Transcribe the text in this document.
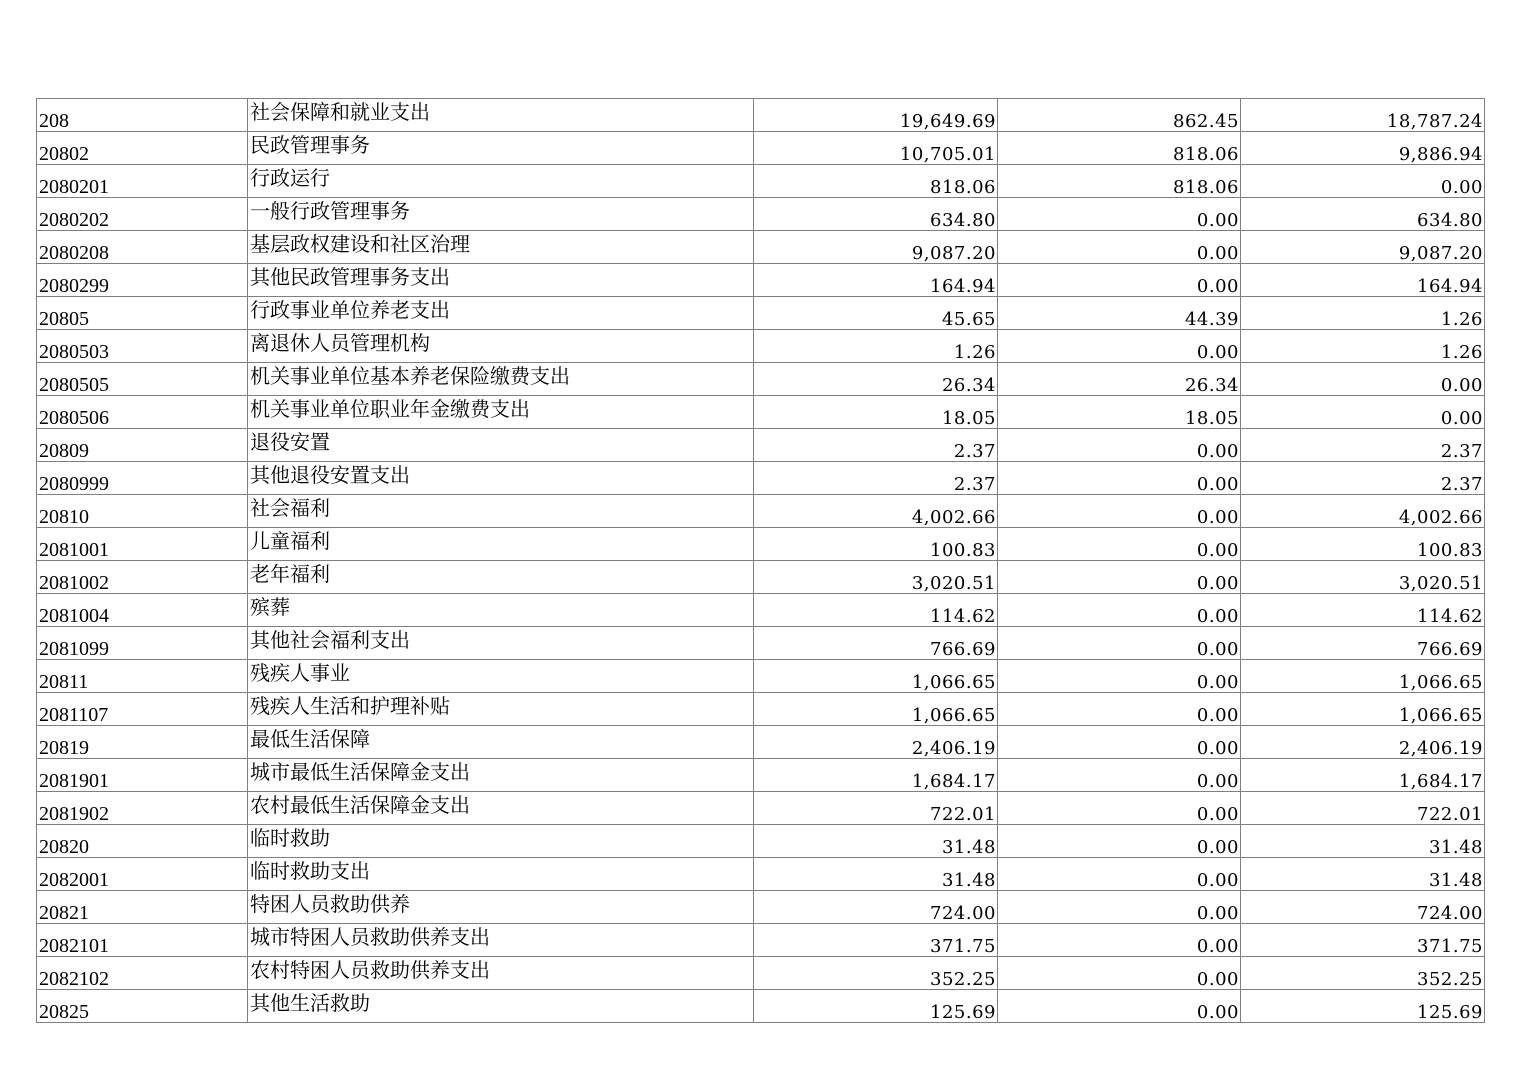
208	社会保障和就业支出	19,649.69	862.45	18,787.24
20802	民政管理事务	10,705.01	818.06	9,886.94
2080201	行政运行	818.06	818.06	0.00
2080202	一般行政管理事务	634.80	0.00	634.80
2080208	基层政权建设和社区治理	9,087.20	0.00	9,087.20
2080299	其他民政管理事务支出	164.94	0.00	164.94
20805	行政事业单位养老支出	45.65	44.39	1.26
2080503	离退休人员管理机构	1.26	0.00	1.26
2080505	机关事业单位基本养老保险缴费支出	26.34	26.34	0.00
2080506	机关事业单位职业年金缴费支出	18.05	18.05	0.00
20809	退役安置	2.37	0.00	2.37
2080999	其他退役安置支出	2.37	0.00	2.37
20810	社会福利	4,002.66	0.00	4,002.66
2081001	儿童福利	100.83	0.00	100.83
2081002	老年福利	3,020.51	0.00	3,020.51
2081004	殡葬	114.62	0.00	114.62
2081099	其他社会福利支出	766.69	0.00	766.69
20811	残疾人事业	1,066.65	0.00	1,066.65
2081107	残疾人生活和护理补贴	1,066.65	0.00	1,066.65
20819	最低生活保障	2,406.19	0.00	2,406.19
2081901	城市最低生活保障金支出	1,684.17	0.00	1,684.17
2081902	农村最低生活保障金支出	722.01	0.00	722.01
20820	临时救助	31.48	0.00	31.48
2082001	临时救助支出	31.48	0.00	31.48
20821	特困人员救助供养	724.00	0.00	724.00
2082101	城市特困人员救助供养支出	371.75	0.00	371.75
2082102	农村特困人员救助供养支出	352.25	0.00	352.25
20825	其他生活救助	125.69	0.00	125.69
